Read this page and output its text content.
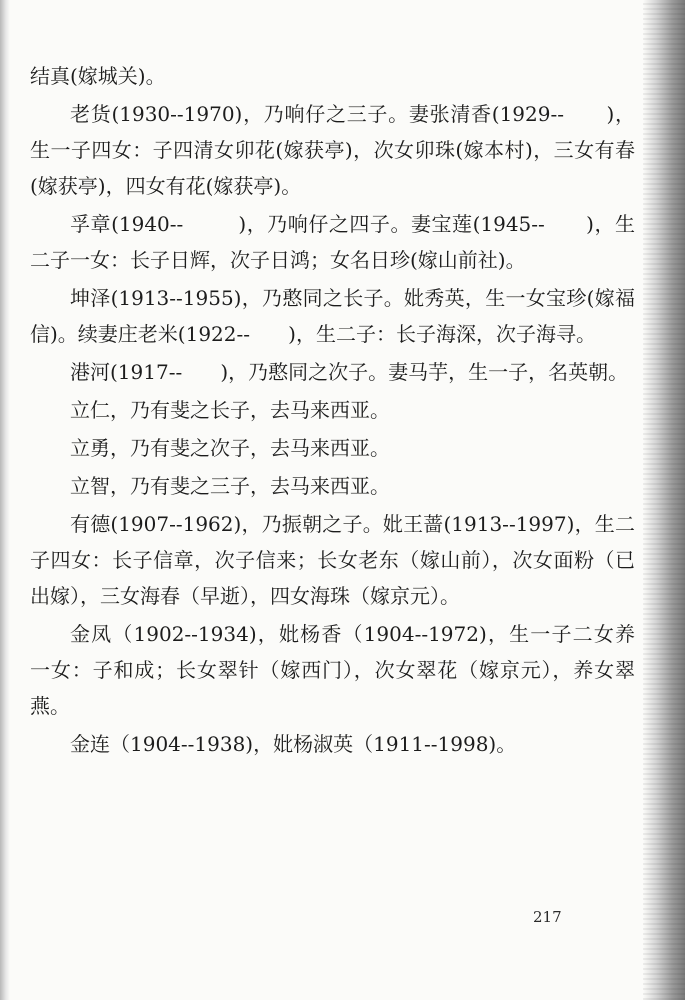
结真(嫁城关)。

老货(1930--1970)，乃响仔之三子。妻张清香(1929--      )，生一子四女：子四清女卯花(嫁获亭)，次女卯珠(嫁本村)，三女有春(嫁获亭)，四女有花(嫁获亭)。

孚章(1940--        )，乃响仔之四子。妻宝莲(1945--      )，生二子一女：长子日辉，次子日鸿；女名日珍(嫁山前社)。

坤泽(1913--1955)，乃憨同之长子。妣秀英，生一女宝珍(嫁福信)。续妻庄老米(1922--      )，生二子：长子海深，次子海寻。

港河(1917--      )，乃憨同之次子。妻马芋，生一子，名英朝。

立仁，乃有斐之长子，去马来西亚。

立勇，乃有斐之次子，去马来西亚。

立智，乃有斐之三子，去马来西亚。

有德(1907--1962)，乃振朝之子。妣王蔷(1913--1997)，生二子四女：长子信章，次子信来；长女老东（嫁山前），次女面粉（已出嫁），三女海春（早逝），四女海珠（嫁京元）。

金凤（1902--1934)，妣杨香（1904--1972)，生一子二女养一女：子和成；长女翠针（嫁西门），次女翠花（嫁京元），养女翠燕。

金连（1904--1938)，妣杨淑英（1911--1998)。

217
